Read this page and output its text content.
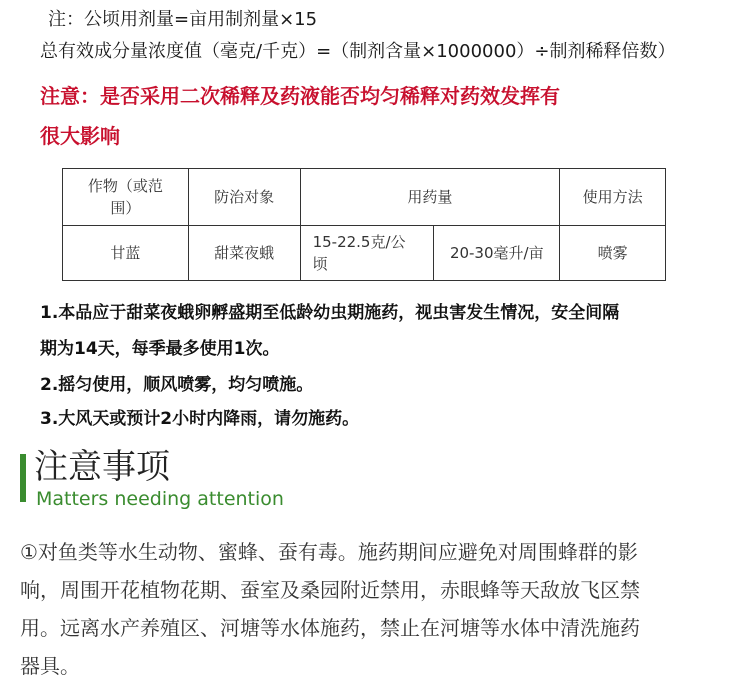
注：公顷用剂量=亩用制剂量×15
总有效成分量浓度值（毫克/千克）=（制剂含量×1000000）÷制剂稀释倍数）
注意：是否采用二次稀释及药液能否均匀稀释对药效发挥有
很大影响
作物（或范
围）	防治对象	用药量		使用方法
甘蓝	甜菜夜蛾	15-22.5克/公
顷	20-30毫升/亩	喷雾
1.本品应于甜菜夜蛾卵孵盛期至低龄幼虫期施药，视虫害发生情况，安全间隔
期为14天，每季最多使用1次。
2.摇匀使用，顺风喷雾，均匀喷施。
3.大风天或预计2小时内降雨，请勿施药。
注意事项
Matters needing attention
①对鱼类等水生动物、蜜蜂、蚕有毒。施药期间应避免对周围蜂群的影
响，周围开花植物花期、蚕室及桑园附近禁用，赤眼蜂等天敌放飞区禁
用。远离水产养殖区、河塘等水体施药，禁止在河塘等水体中清洗施药
器具。
